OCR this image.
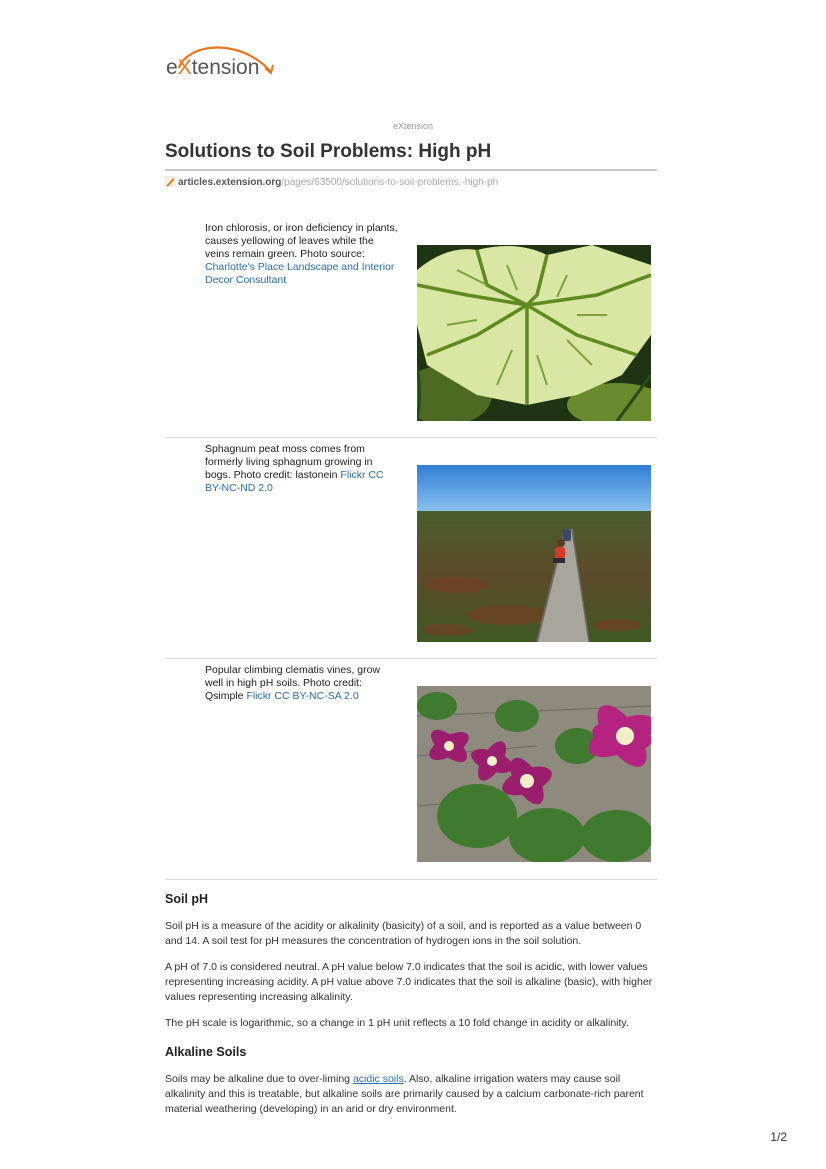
eXtension
eXtension
Solutions to Soil Problems: High pH
articles.extension.org/pages/63500/solutions-to-soil-problems:-high-ph
Iron chlorosis, or iron deficiency in plants, causes yellowing of leaves while the veins remain green. Photo source: Charlotte's Place Landscape and Interior Decor Consultant
Sphagnum peat moss comes from formerly living sphagnum growing in bogs. Photo credit: lastonein Flickr CC BY-NC-ND 2.0
Popular climbing clematis vines, grow well in high pH soils. Photo credit: Qsimple Flickr CC BY-NC-SA 2.0
Soil pH

Soil pH is a measure of the acidity or alkalinity (basicity) of a soil, and is reported as a value between 0 and 14. A soil test for pH measures the concentration of hydrogen ions in the soil solution.

A pH of 7.0 is considered neutral. A pH value below 7.0 indicates that the soil is acidic, with lower values representing increasing acidity. A pH value above 7.0 indicates that the soil is alkaline (basic), with higher values representing increasing alkalinity.

The pH scale is logarithmic, so a change in 1 pH unit reflects a 10 fold change in acidity or alkalinity.

Alkaline Soils

Soils may be alkaline due to over-liming acidic soils. Also, alkaline irrigation waters may cause soil alkalinity and this is treatable, but alkaline soils are primarily caused by a calcium carbonate-rich parent material weathering (developing) in an arid or dry environment.

1/2
